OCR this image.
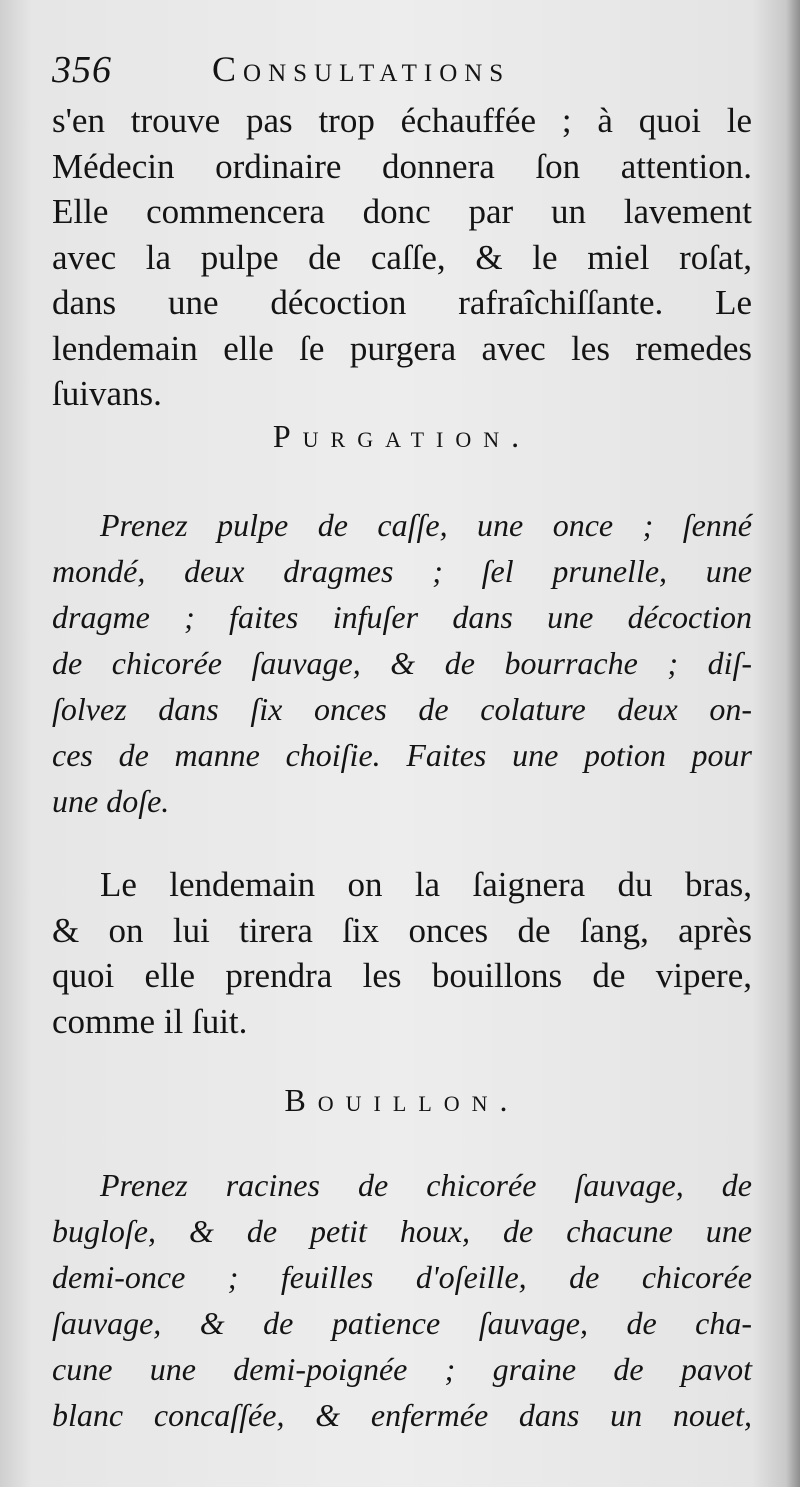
356	Consultations
s'en trouve pas trop échauffée ; à quoi le
Médecin ordinaire donnera ſon attention.
Elle commencera donc par un lavement
avec la pulpe de caſſe, & le miel roſat,
dans une décoction rafraîchiſſante. Le
lendemain elle ſe purgera avec les remedes
ſuivans.
Purgation.
Prenez pulpe de caſſe, une once ; ſenné
mondé, deux dragmes ; ſel prunelle, une
dragme ; faites infuſer dans une décoction
de chicorée ſauvage, & de bourrache ; diſ-
ſolvez dans ſix onces de colature deux on-
ces de manne choiſie. Faites une potion pour
une doſe.
Le lendemain on la ſaignera du bras,
& on lui tirera ſix onces de ſang, après
quoi elle prendra les bouillons de vipere,
comme il ſuit.
Bouillon.
Prenez racines de chicorée ſauvage, de
bugloſe, & de petit houx, de chacune une
demi-once ; feuilles d'oſeille, de chicorée
ſauvage, & de patience ſauvage, de cha-
cune une demi-poignée ; graine de pavot
blanc concaſſée, & enfermée dans un nouet,
